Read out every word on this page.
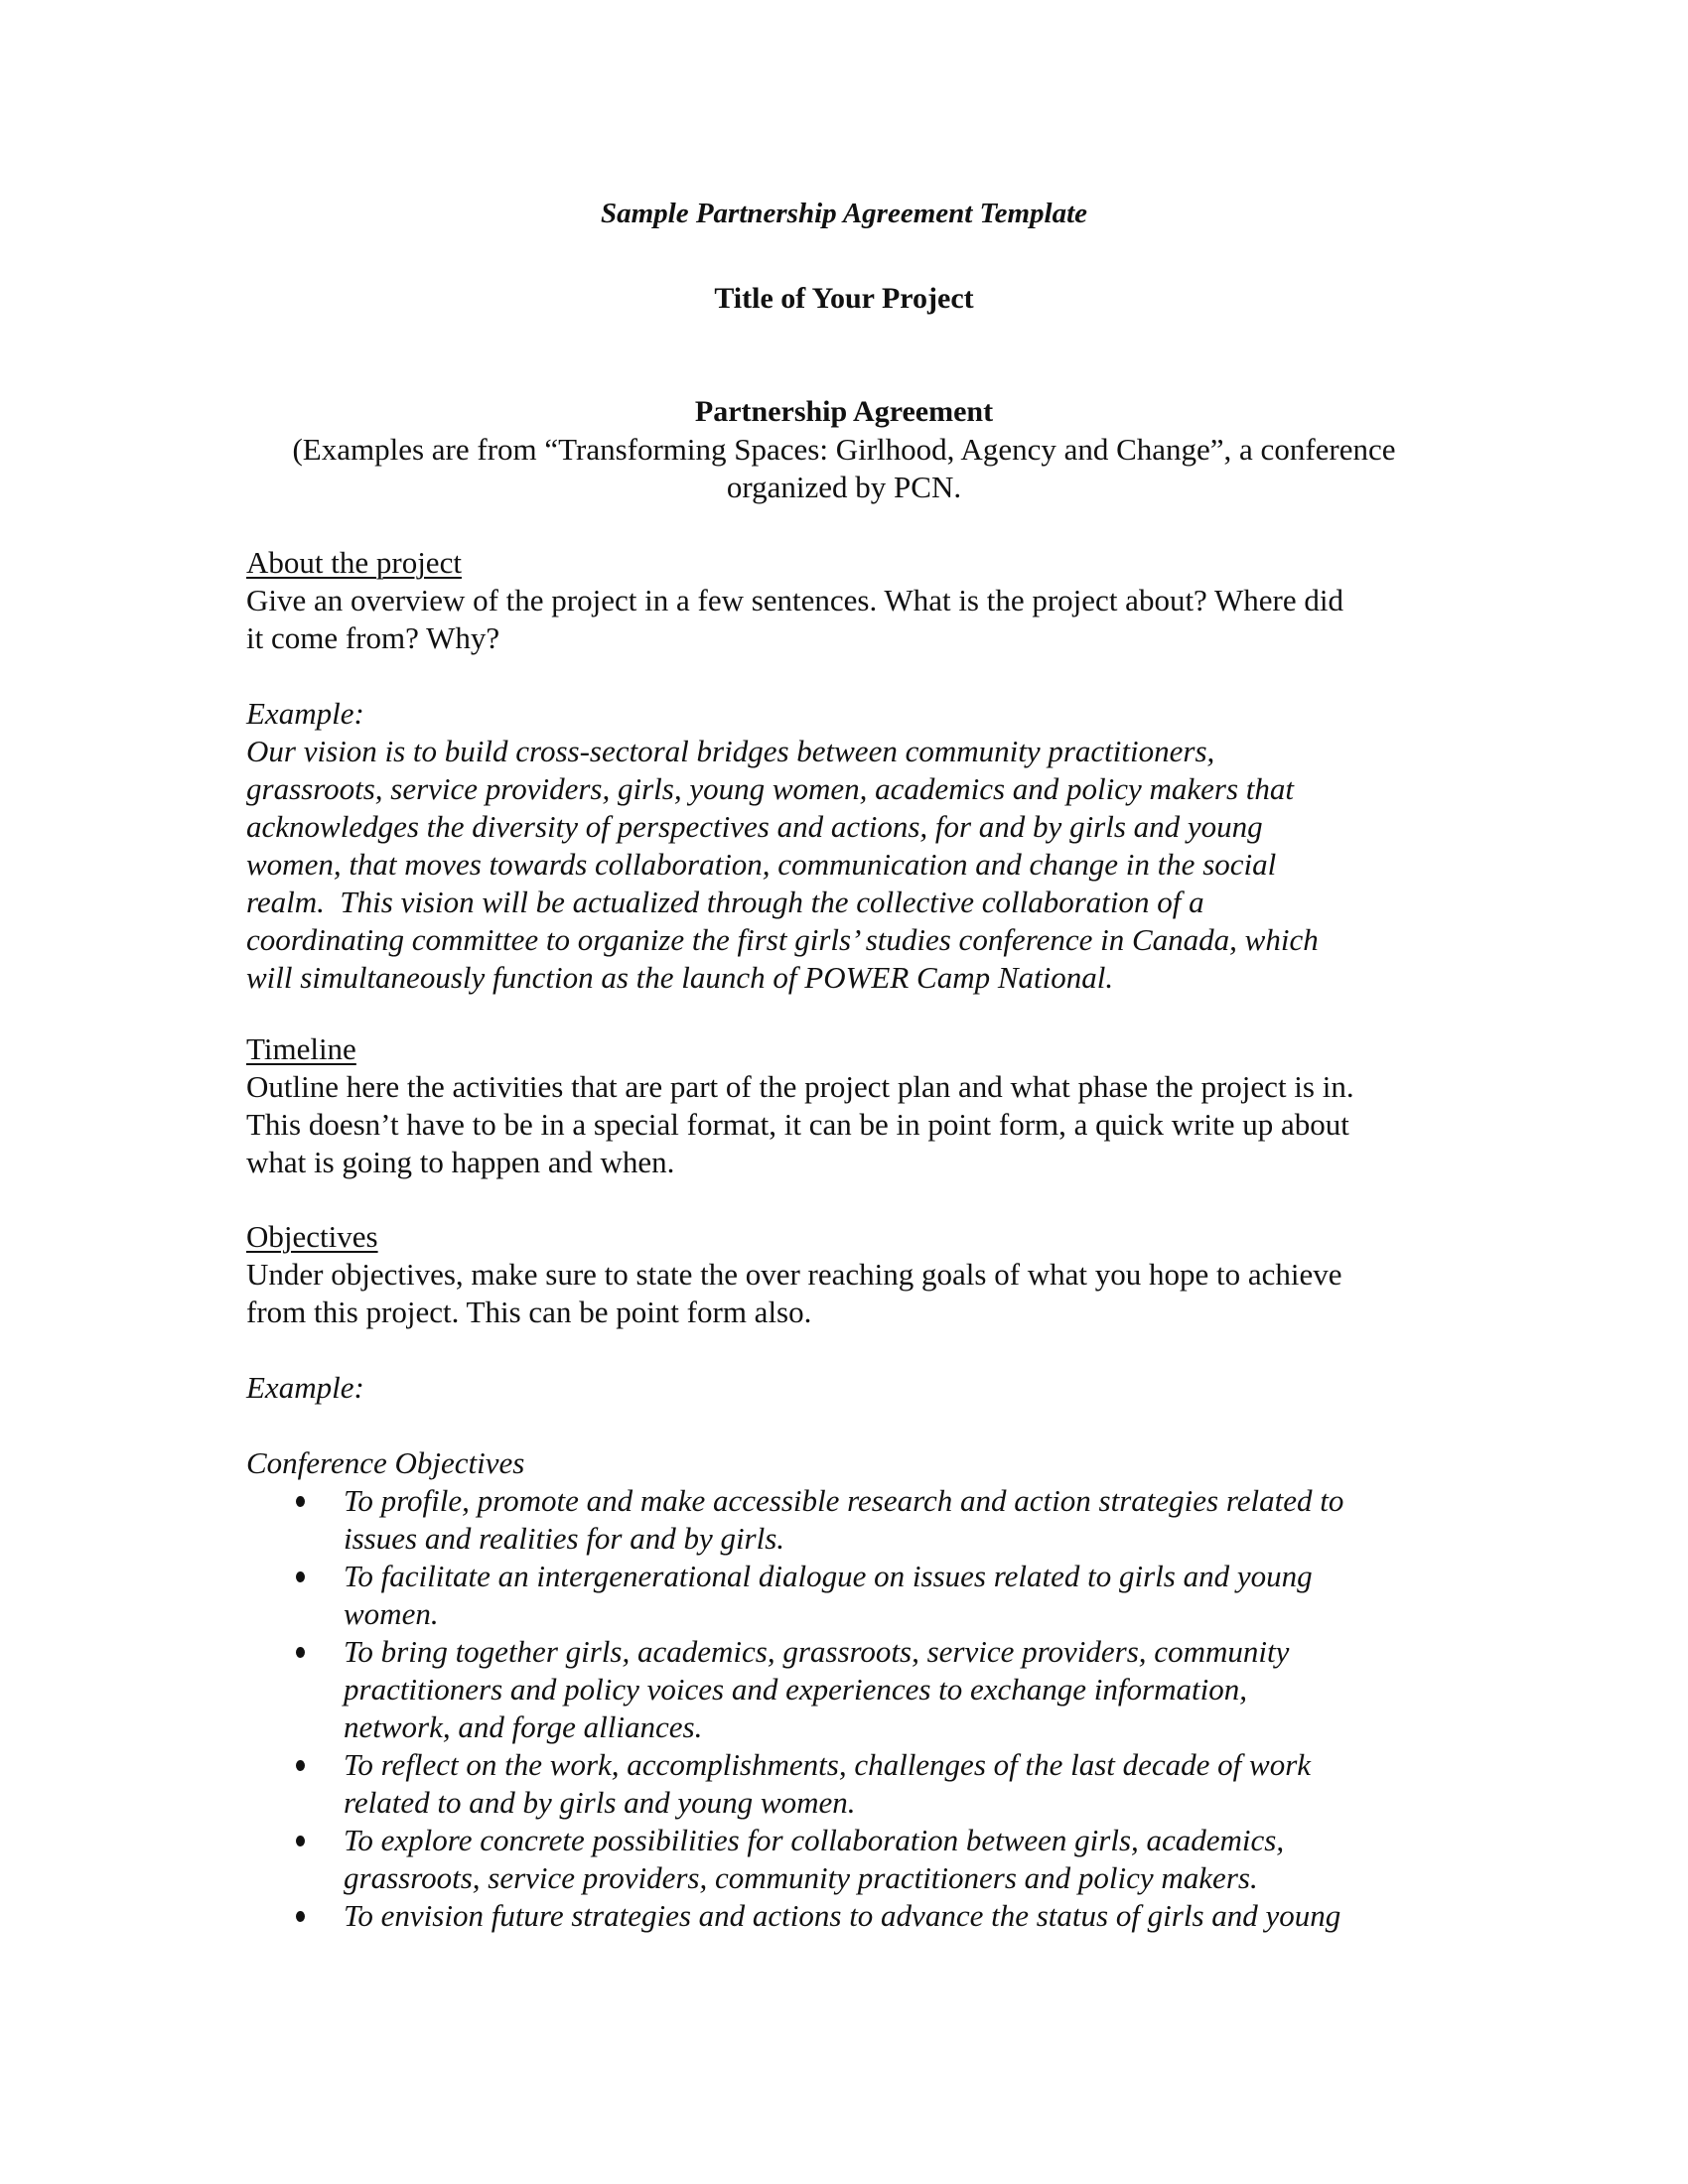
Sample Partnership Agreement Template
Title of Your Project
Partnership Agreement
(Examples are from “Transforming Spaces: Girlhood, Agency and Change”, a conference
organized by PCN.
About the project
Give an overview of the project in a few sentences. What is the project about? Where did
it come from? Why?
Example:
Our vision is to build cross-sectoral bridges between community practitioners,
grassroots, service providers, girls, young women, academics and policy makers that
acknowledges the diversity of perspectives and actions, for and by girls and young
women, that moves towards collaboration, communication and change in the social
realm.  This vision will be actualized through the collective collaboration of a
coordinating committee to organize the first girls’ studies conference in Canada, which
will simultaneously function as the launch of POWER Camp National.
Timeline
Outline here the activities that are part of the project plan and what phase the project is in.
This doesn’t have to be in a special format, it can be in point form, a quick write up about
what is going to happen and when.
Objectives
Under objectives, make sure to state the over reaching goals of what you hope to achieve
from this project. This can be point form also.
Example:
Conference Objectives
To profile, promote and make accessible research and action strategies related to
issues and realities for and by girls.
To facilitate an intergenerational dialogue on issues related to girls and young
women.
To bring together girls, academics, grassroots, service providers, community
practitioners and policy voices and experiences to exchange information,
network, and forge alliances.
To reflect on the work, accomplishments, challenges of the last decade of work
related to and by girls and young women.
To explore concrete possibilities for collaboration between girls, academics,
grassroots, service providers, community practitioners and policy makers.
To envision future strategies and actions to advance the status of girls and young
